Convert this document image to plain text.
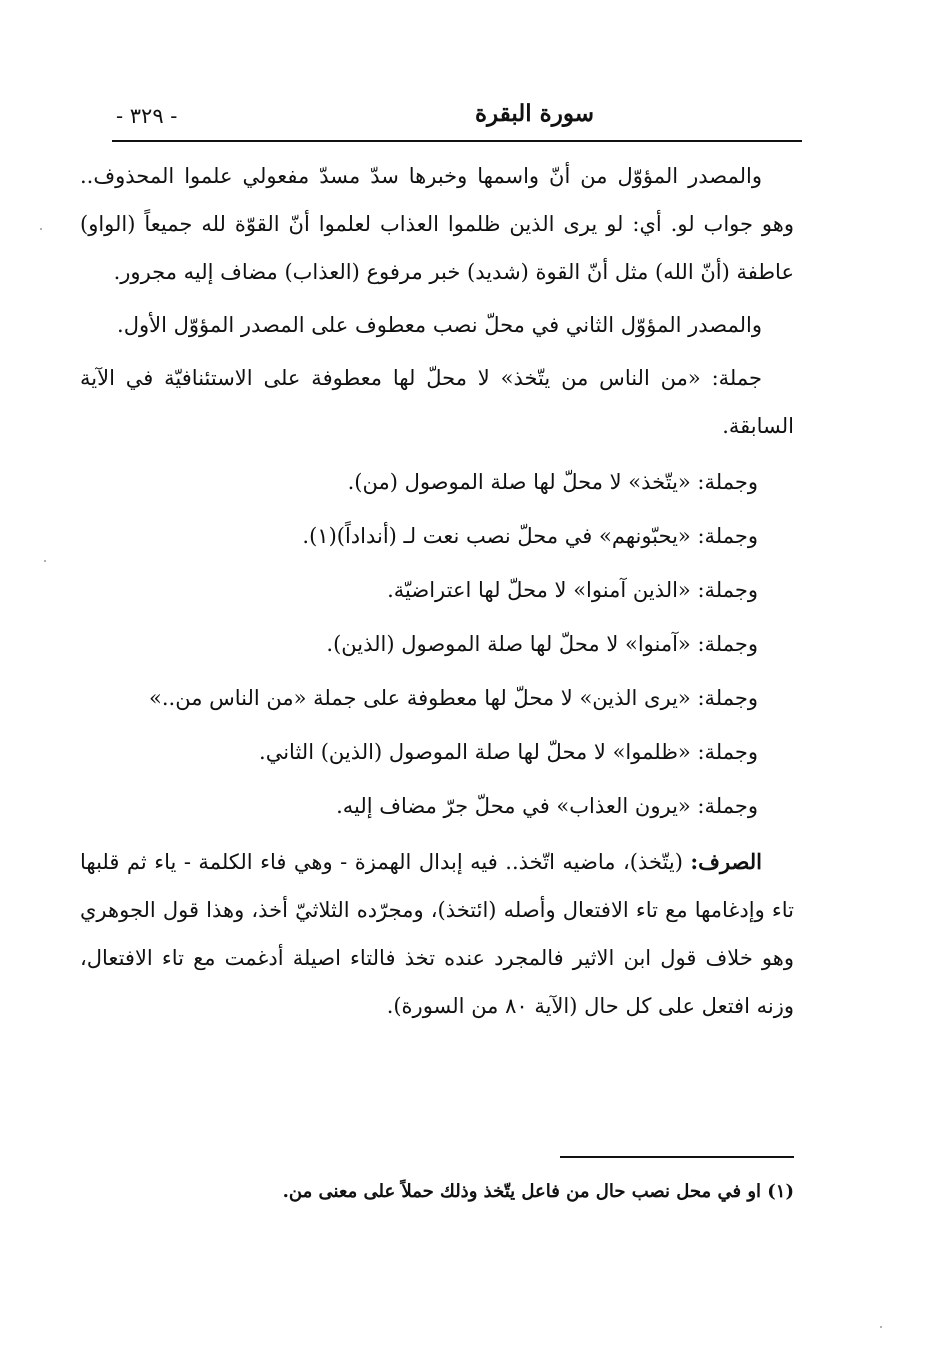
- ٣٢٩ -	سورة البقرة

والمصدر المؤوّل من أنّ واسمها وخبرها سدّ مسدّ مفعولي علموا المحذوف.. وهو جواب لو. أي: لو يرى الذين ظلموا العذاب لعلموا أنّ القوّة لله جميعاً (الواو) عاطفة (أنّ الله) مثل أنّ القوة (شديد) خبر مرفوع (العذاب) مضاف إليه مجرور.

والمصدر المؤوّل الثاني في محلّ نصب معطوف على المصدر المؤوّل الأول.

جملة: «من الناس من يتّخذ» لا محلّ لها معطوفة على الاستئنافيّة في الآية السابقة.

وجملة: «يتّخذ» لا محلّ لها صلة الموصول (من).
وجملة: «يحبّونهم» في محلّ نصب نعت لـ (أنداداً)(١).
وجملة: «الذين آمنوا» لا محلّ لها اعتراضيّة.
وجملة: «آمنوا» لا محلّ لها صلة الموصول (الذين).
وجملة: «يرى الذين» لا محلّ لها معطوفة على جملة «من الناس من..»
وجملة: «ظلموا» لا محلّ لها صلة الموصول (الذين) الثاني.
وجملة: «يرون العذاب» في محلّ جرّ مضاف إليه.

الصرف: (يتّخذ)، ماضيه اتّخذ.. فيه إبدال الهمزة - وهي فاء الكلمة - ياء ثم قلبها تاء وإدغامها مع تاء الافتعال وأصله (ائتخذ)، ومجرّده الثلاثيّ أخذ، وهذا قول الجوهري وهو خلاف قول ابن الاثير فالمجرد عنده تخذ فالتاء اصيلة أدغمت مع تاء الافتعال، وزنه افتعل على كل حال (الآية ٨٠ من السورة).

(١) او في محل نصب حال من فاعل يتّخذ وذلك حملاً على معنى من.
